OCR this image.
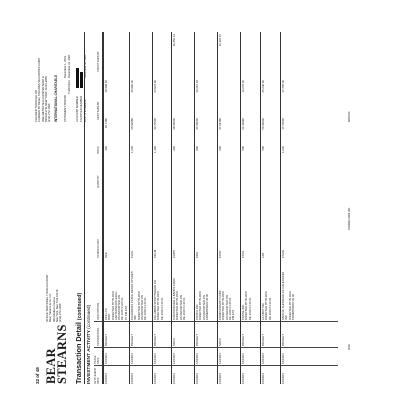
32 of 48 BEAR
STEARNS
OFFICE SERVICING YOUR ACCOUNT Bear, Stearns & Co. Inc. 383 Madison Avenue New York, New York 10179 (212) 272-2000
CLEARED THROUGH OR CARRIED BY BEAR, STEARNS SECURITIES CORP. ONE METROTECH CENTER NORTH BROOKLYN, NEW YORK 11201-3859 (212) 272-1000 INTERNATIONAL CHARITABLE STATEMENT PERIOD
December 1, 2001
THROUGH
December 31, 2001
ACCOUNT NUMBER TAXPAYER NUMBER LAST STATEMENT
November 30, 2001
Transaction Detail (continued)
INVESTMENT ACTIVITY (continued)
SETTLEMENT DATE
TRADE DATE
TRANSACTION
DESCRIPTION
SYMBOL/CUSIP
QUANTITY
PRICE
DEBIT AMOUNT
CREDIT AMOUNT
12/05/01
12/03/01
BOUGHT
ACE
400
36.7180
18,499.62
ACE LTD ORD DIRECTED BY BLOCK LANTERNCOW EXCH AS REPORTED ON DE 1000 01:00 01 15 PM EST
12/05/01
12/03/01
BOUGHT
PLCE
1,000
25.91980
25,996.00
CHILDRENS PLACE RETAIL STORES INC DIRECTED BY BLOCK AS REPORTED ON DE 1000 01:10 01
12/04/01
12/01/01
BOUGHT
COLM
1,300
33.72500
43,937.00
COLUMBIA SPORTSWEAR CO DIRECTED BY BLOCK DE 1000 01:10 01
12/04/01
12/01/01
SOLD
CHBS
-400
28.68000
11,456.61
CHRISTOPHER & BANKS CORP DIRECTED BY BLOCK AS REPORTED ON DE 1000 01:10 01
12/04/01
12/01/01
BOUGHT
COH
800
37.68000
30,215.18
COACH INC DIRECTED BY BLOCK AS REPORTED ON COMMISSION 45.00
12/04/01
12/01/01
SOLD
CCRT
-300
37.69180
11,322.15
COMPUCREDIT CORP DIRECTED BY BLOCK AS REPORTED ON DE 1000 01:45 01 PM EST
12/04/01
12/01/01
BOUGHT
FOSL
500
21.33990
10,676.30
FOSSIL INC DIRECTED BY BLOCK DE 1000 01:10 01
12/04/01
12/01/01
BOUGHT
LZB
500
50.40000
25,240.00
LA ZBOY INC DIRECTED BY BLOCK DE 1000 01:10 01
12/04/01
12/01/01
BOUGHT
PSUN
1,000
17.70000
17,765.00
PACIFIC SUNWEAR OF CALIFORNIA INC DIRECTED BY BLOCK COMMISSION 60.00
6/9/2014
0104002-0004 001
DI18
